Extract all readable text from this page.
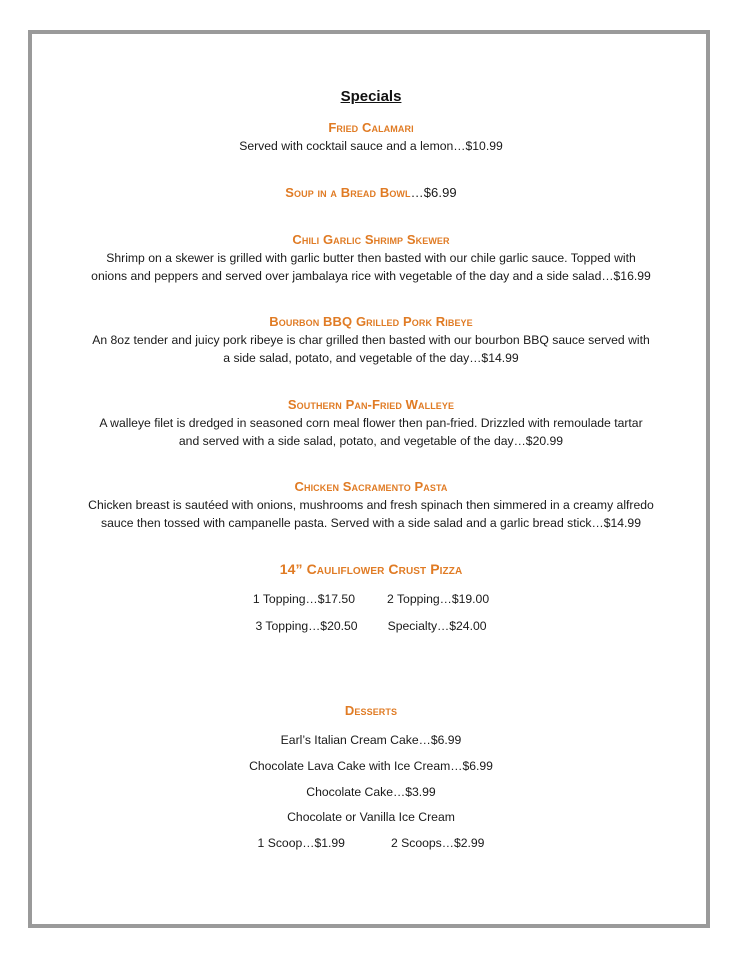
Specials
Fried Calamari
Served with cocktail sauce and a lemon…$10.99
Soup in a Bread Bowl…$6.99
Chili Garlic Shrimp Skewer
Shrimp on a skewer is grilled with garlic butter then basted with our chile garlic sauce. Topped with
onions and peppers and served over jambalaya rice with vegetable of the day and a side salad…$16.99
Bourbon BBQ Grilled Pork Ribeye
An 8oz tender and juicy pork ribeye is char grilled then basted with our bourbon BBQ sauce served with
a side salad, potato, and vegetable of the day…$14.99
Southern Pan-Fried Walleye
A walleye filet is dredged in seasoned corn meal flower then pan-fried. Drizzled with remoulade tartar
and served with a side salad, potato, and vegetable of the day…$20.99
Chicken Sacramento Pasta
Chicken breast is sautéed with onions, mushrooms and fresh spinach then simmered in a creamy alfredo
sauce then tossed with campanelle pasta. Served with a side salad and a garlic bread stick…$14.99
14” Cauliflower Crust Pizza
1 Topping…$17.50	2 Topping…$19.00
3 Topping…$20.50 Specialty…$24.00
Desserts
Earl’s Italian Cream Cake…$6.99
Chocolate Lava Cake with Ice Cream…$6.99
Chocolate Cake…$3.99
Chocolate or Vanilla Ice Cream
1 Scoop…$1.99	2 Scoops…$2.99
